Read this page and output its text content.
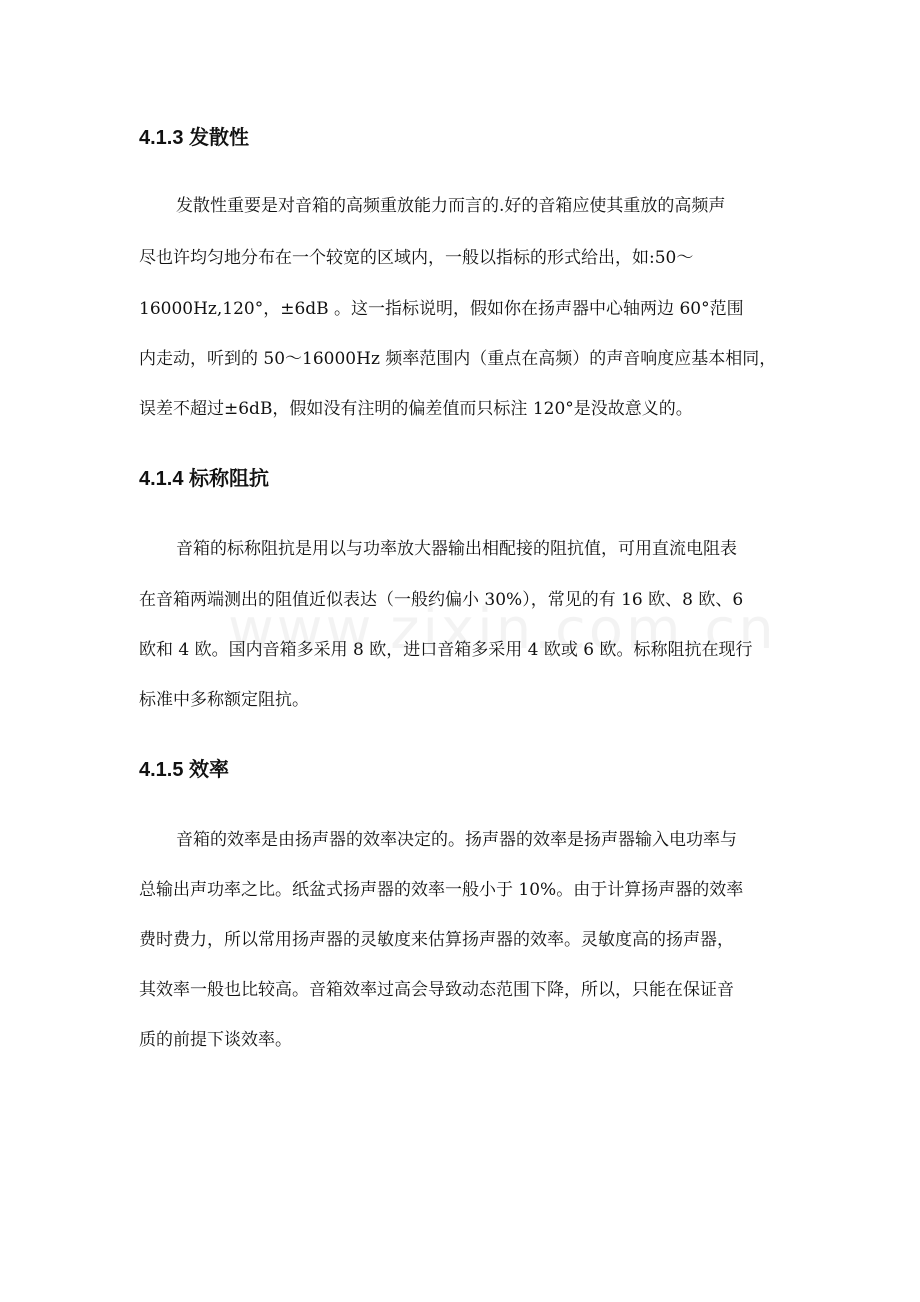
4.1.3 发散性

发散性重要是对音箱的高频重放能力而言的.好的音箱应使其重放的高频声

尽也许均匀地分布在一个较宽的区域内，一般以指标的形式给出，如:50～

16000Hz,120°，±6dB 。这一指标说明，假如你在扬声器中心轴两边 60°范围

内走动，听到的 50～16000Hz 频率范围内（重点在高频）的声音响度应基本相同，

误差不超过±6dB，假如没有注明的偏差值而只标注 120°是没故意义的。

4.1.4 标称阻抗

音箱的标称阻抗是用以与功率放大器输出相配接的阻抗值，可用直流电阻表

在音箱两端测出的阻值近似表达（一般约偏小 30%），常见的有 16 欧、8 欧、6

欧和 4 欧。国内音箱多采用 8 欧，进口音箱多采用 4 欧或 6 欧。标称阻抗在现行

标准中多称额定阻抗。

4.1.5 效率

音箱的效率是由扬声器的效率决定的。扬声器的效率是扬声器输入电功率与

总输出声功率之比。纸盆式扬声器的效率一般小于 10%。由于计算扬声器的效率

费时费力，所以常用扬声器的灵敏度来估算扬声器的效率。灵敏度高的扬声器，

其效率一般也比较高。音箱效率过高会导致动态范围下降，所以，只能在保证音

质的前提下谈效率。
